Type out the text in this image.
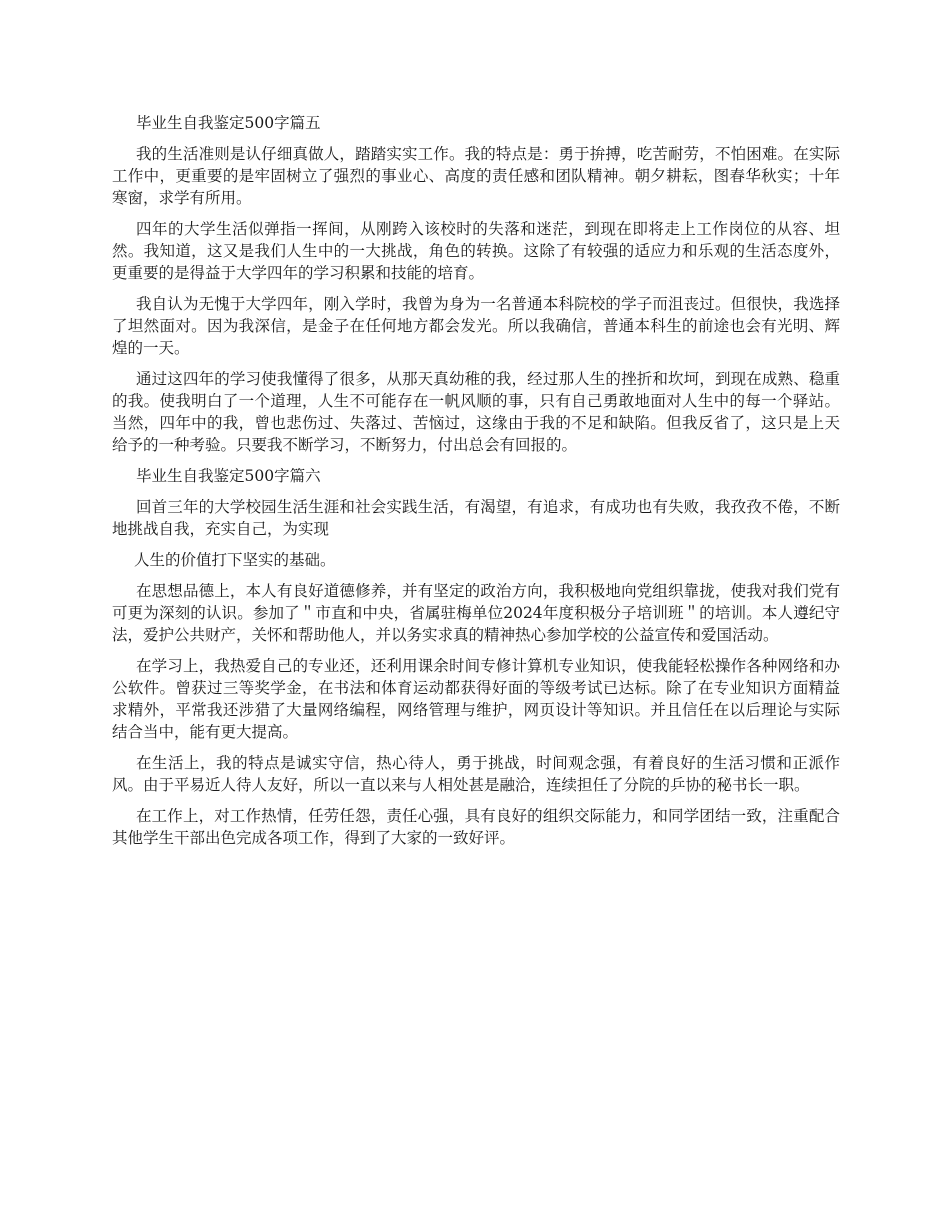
毕业生自我鉴定500字篇五

我的生活准则是认仔细真做人，踏踏实实工作。我的特点是：勇于拚搏，吃苦耐劳，不怕困难。在实际工作中，更重要的是牢固树立了强烈的事业心、高度的责任感和团队精神。朝夕耕耘，图春华秋实；十年寒窗，求学有所用。

四年的大学生活似弹指一挥间，从刚跨入该校时的失落和迷茫，到现在即将走上工作岗位的从容、坦然。我知道，这又是我们人生中的一大挑战，角色的转换。这除了有较强的适应力和乐观的生活态度外，更重要的是得益于大学四年的学习积累和技能的培育。

我自认为无愧于大学四年，刚入学时，我曾为身为一名普通本科院校的学子而沮丧过。但很快，我选择了坦然面对。因为我深信，是金子在任何地方都会发光。所以我确信，普通本科生的前途也会有光明、辉煌的一天。

通过这四年的学习使我懂得了很多，从那天真幼稚的我，经过那人生的挫折和坎坷，到现在成熟、稳重的我。使我明白了一个道理，人生不可能存在一帆风顺的事，只有自己勇敢地面对人生中的每一个驿站。当然，四年中的我，曾也悲伤过、失落过、苦恼过，这缘由于我的不足和缺陷。但我反省了，这只是上天给予的一种考验。只要我不断学习，不断努力，付出总会有回报的。

毕业生自我鉴定500字篇六

回首三年的大学校园生活生涯和社会实践生活，有渴望，有追求，有成功也有失败，我孜孜不倦，不断地挑战自我，充实自己，为实现

人生的价值打下坚实的基础。

在思想品德上，本人有良好道德修养，并有坚定的政治方向，我积极地向党组织靠拢，使我对我们党有可更为深刻的认识。参加了＂市直和中央，省属驻梅单位2024年度积极分子培训班＂的培训。本人遵纪守法，爱护公共财产，关怀和帮助他人，并以务实求真的精神热心参加学校的公益宣传和爱国活动。

在学习上，我热爱自己的专业还，还利用课余时间专修计算机专业知识，使我能轻松操作各种网络和办公软件。曾获过三等奖学金，在书法和体育运动都获得好面的等级考试已达标。除了在专业知识方面精益求精外，平常我还涉猎了大量网络编程，网络管理与维护，网页设计等知识。并且信任在以后理论与实际结合当中，能有更大提高。

在生活上，我的特点是诚实守信，热心待人，勇于挑战，时间观念强，有着良好的生活习惯和正派作风。由于平易近人待人友好，所以一直以来与人相处甚是融洽，连续担任了分院的乒协的秘书长一职。

在工作上，对工作热情，任劳任怨，责任心强，具有良好的组织交际能力，和同学团结一致，注重配合其他学生干部出色完成各项工作，得到了大家的一致好评。
